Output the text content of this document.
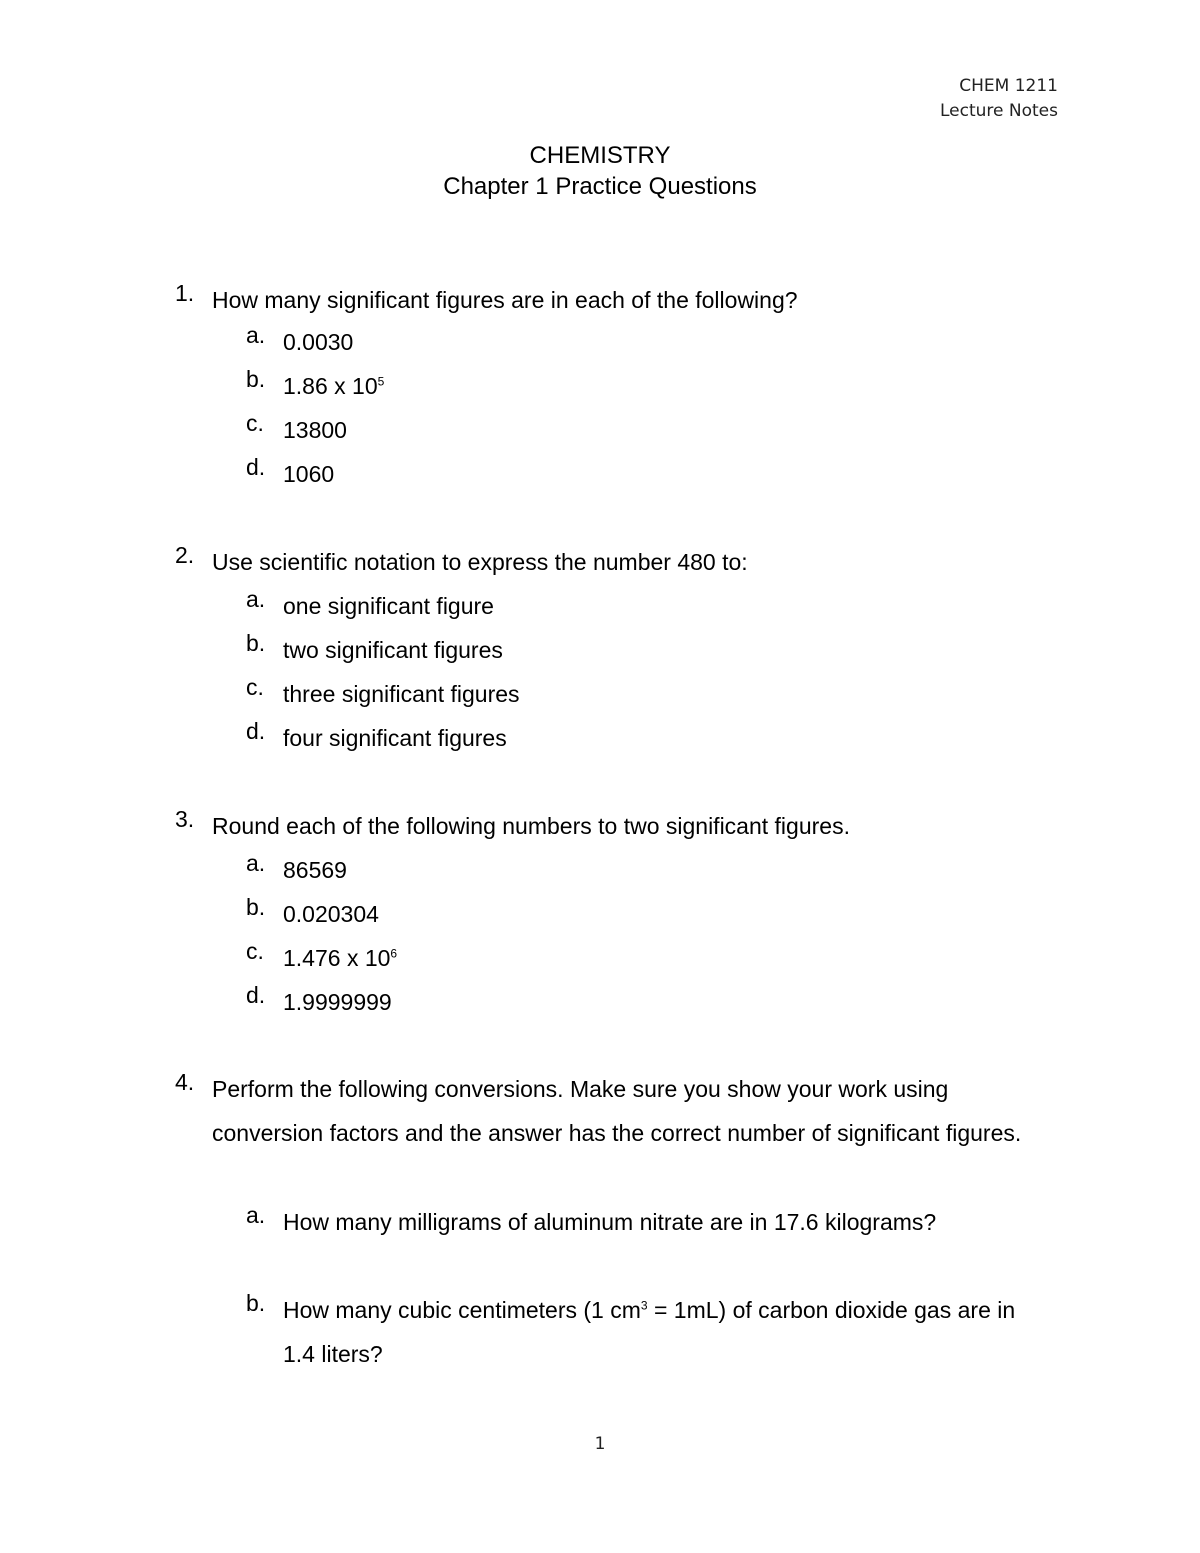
CHEM 1211
Lecture Notes
CHEMISTRY
Chapter 1 Practice Questions
1. How many significant figures are in each of the following?
a. 0.0030
b. 1.86 x $10^5$
c. 13800
d. 1060
2. Use scientific notation to express the number 480 to:
a. one significant figure
b. two significant figures
c. three significant figures
d. four significant figures
3. Round each of the following numbers to two significant figures.
a. 86569
b. 0.020304
c. 1.476 x $10^6$
d. 1.9999999
4. Perform the following conversions. Make sure you show your work using conversion factors and the answer has the correct number of significant figures.
a. How many milligrams of aluminum nitrate are in 17.6 kilograms?
b. How many cubic centimeters (1 $cm^3 = 1mL$) of carbon dioxide gas are in 1.4 liters?
1
